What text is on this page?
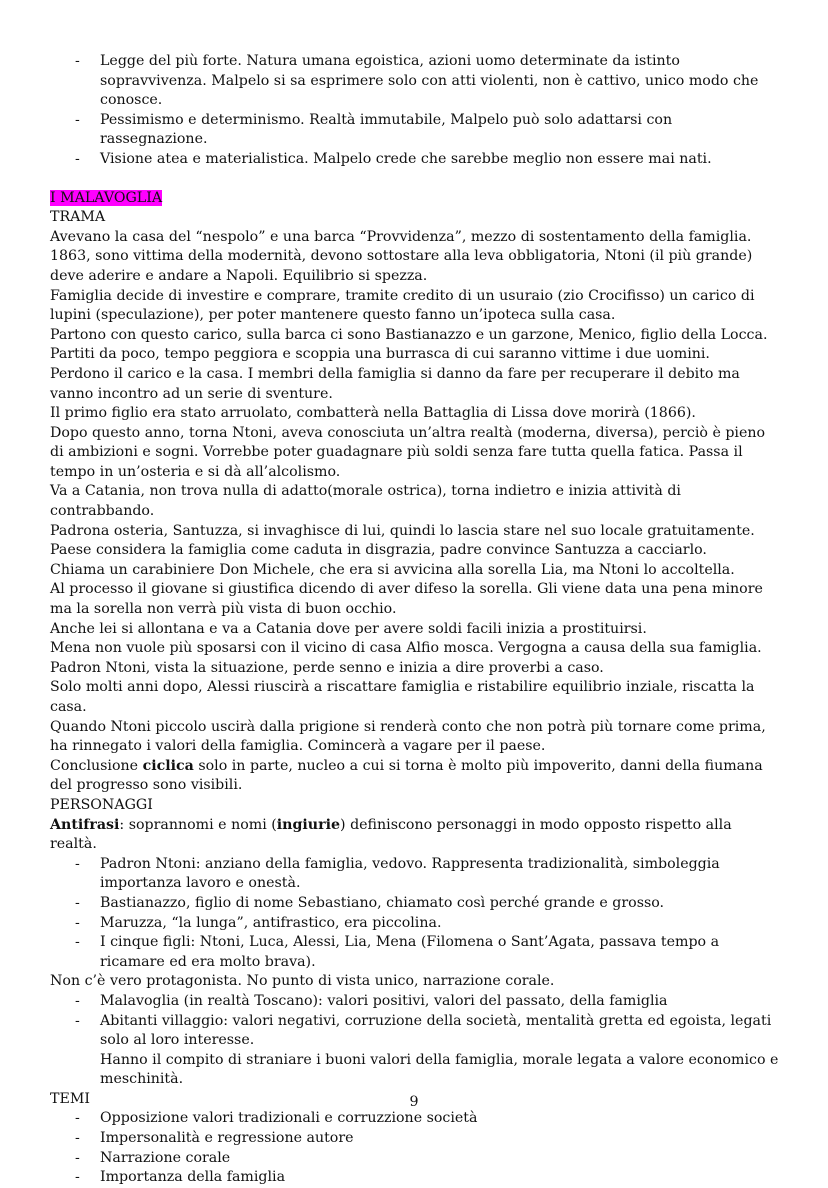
- Legge del più forte. Natura umana egoistica, azioni uomo determinate da istinto sopravvivenza. Malpelo si sa esprimere solo con atti violenti, non è cattivo, unico modo che conosce.
- Pessimismo e determinismo. Realtà immutabile, Malpelo può solo adattarsi con rassegnazione.
- Visione atea e materialistica. Malpelo crede che sarebbe meglio non essere mai nati.

I MALAVOGLIA

TRAMA

Avevano la casa del “nespolo” e una barca “Provvidenza”, mezzo di sostentamento della famiglia.

1863, sono vittima della modernità, devono sottostare alla leva obbligatoria, Ntoni (il più grande) deve aderire e andare a Napoli. Equilibrio si spezza.

Famiglia decide di investire e comprare, tramite credito di un usuraio (zio Crocifisso) un carico di lupini (speculazione), per poter mantenere questo fanno un’ipoteca sulla casa.

Partono con questo carico, sulla barca ci sono Bastianazzo e un garzone, Menico, figlio della Locca.

Partiti da poco, tempo peggiora e scoppia una burrasca di cui saranno vittime i due uomini.

Perdono il carico e la casa. I membri della famiglia si danno da fare per recuperare il debito ma vanno incontro ad un serie di sventure.

Il primo figlio era stato arruolato, combatterà nella Battaglia di Lissa dove morirà (1866).

Dopo questo anno, torna Ntoni, aveva conosciuta un’altra realtà (moderna, diversa), perciò è pieno di ambizioni e sogni. Vorrebbe poter guadagnare più soldi senza fare tutta quella fatica. Passa il tempo in un’osteria e si dà all’alcolismo.

Va a Catania, non trova nulla di adatto(morale ostrica), torna indietro e inizia attività di contrabbando.

Padrona osteria, Santuzza, si invaghisce di lui, quindi lo lascia stare nel suo locale gratuitamente.

Paese considera la famiglia come caduta in disgrazia, padre convince Santuzza a cacciarlo.

Chiama un carabiniere Don Michele, che era si avvicina alla sorella Lia, ma Ntoni lo accoltella.

Al processo il giovane si giustifica dicendo di aver difeso la sorella. Gli viene data una pena minore ma la sorella non verrà più vista di buon occhio.

Anche lei si allontana e va a Catania dove per avere soldi facili inizia a prostituirsi.

Mena non vuole più sposarsi con il vicino di casa Alfio mosca. Vergogna a causa della sua famiglia.

Padron Ntoni, vista la situazione, perde senno e inizia a dire proverbi a caso.

Solo molti anni dopo, Alessi riuscirà a riscattare famiglia e ristabilire equilibrio inziale, riscatta la casa.

Quando Ntoni piccolo uscirà dalla prigione si renderà conto che non potrà più tornare come prima, ha rinnegato i valori della famiglia. Comincerà a vagare per il paese.

Conclusione ciclica solo in parte, nucleo a cui si torna è molto più impoverito, danni della fiumana del progresso sono visibili.

PERSONAGGI

Antifrasi: soprannomi e nomi (ingiurie) definiscono personaggi in modo opposto rispetto alla realtà.

- Padron Ntoni: anziano della famiglia, vedovo. Rappresenta tradizionalità, simboleggia importanza lavoro e onestà.
- Bastianazzo, figlio di nome Sebastiano, chiamato così perché grande e grosso.
- Maruzza, “la lunga”, antifrastico, era piccolina.
- I cinque figli: Ntoni, Luca, Alessi, Lia, Mena (Filomena o Sant’Agata, passava tempo a ricamare ed era molto brava).

Non c’è vero protagonista. No punto di vista unico, narrazione corale.

- Malavoglia (in realtà Toscano): valori positivi, valori del passato, della famiglia
- Abitanti villaggio: valori negativi, corruzione della società, mentalità gretta ed egoista, legati solo al loro interesse.

Hanno il compito di straniare i buoni valori della famiglia, morale legata a valore economico e meschinità.

TEMI

- Opposizione valori tradizionali e corruzzione società
- Impersonalità e regressione autore
- Narrazione corale
- Importanza della famiglia
9
